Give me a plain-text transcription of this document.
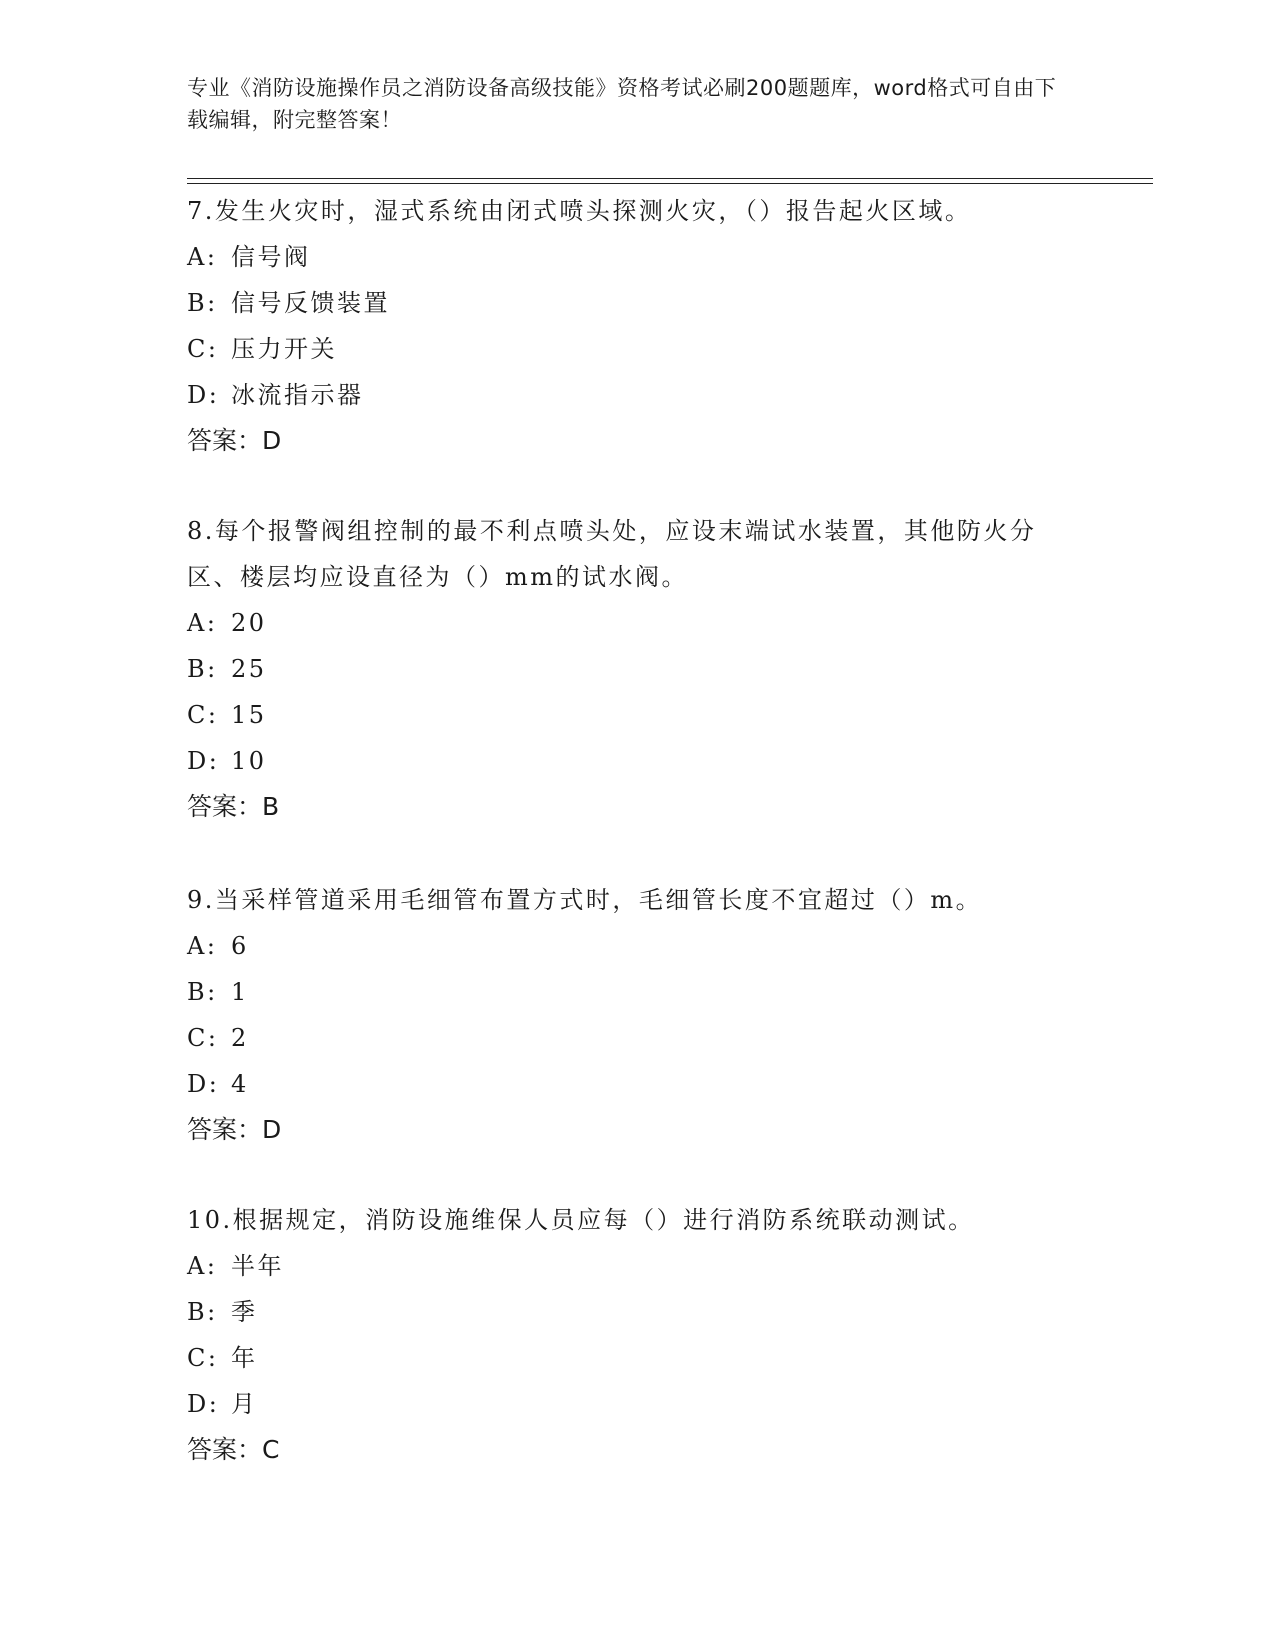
专业《消防设施操作员之消防设备高级技能》资格考试必刷200题题库，word格式可自由下载编辑，附完整答案！
7.发生火灾时，湿式系统由闭式喷头探测火灾，（）报告起火区域。
A: 信号阀
B: 信号反馈装置
C: 压力开关
D: 冰流指示器
答案：D
8.每个报警阀组控制的最不利点喷头处，应设末端试水装置，其他防火分区、楼层均应设直径为（）mm的试水阀。
A: 20
B: 25
C: 15
D: 10
答案：B
9.当采样管道采用毛细管布置方式时，毛细管长度不宜超过（）m。
A: 6
B: 1
C: 2
D: 4
答案：D
10.根据规定，消防设施维保人员应每（）进行消防系统联动测试。
A: 半年
B: 季
C: 年
D: 月
答案：C
